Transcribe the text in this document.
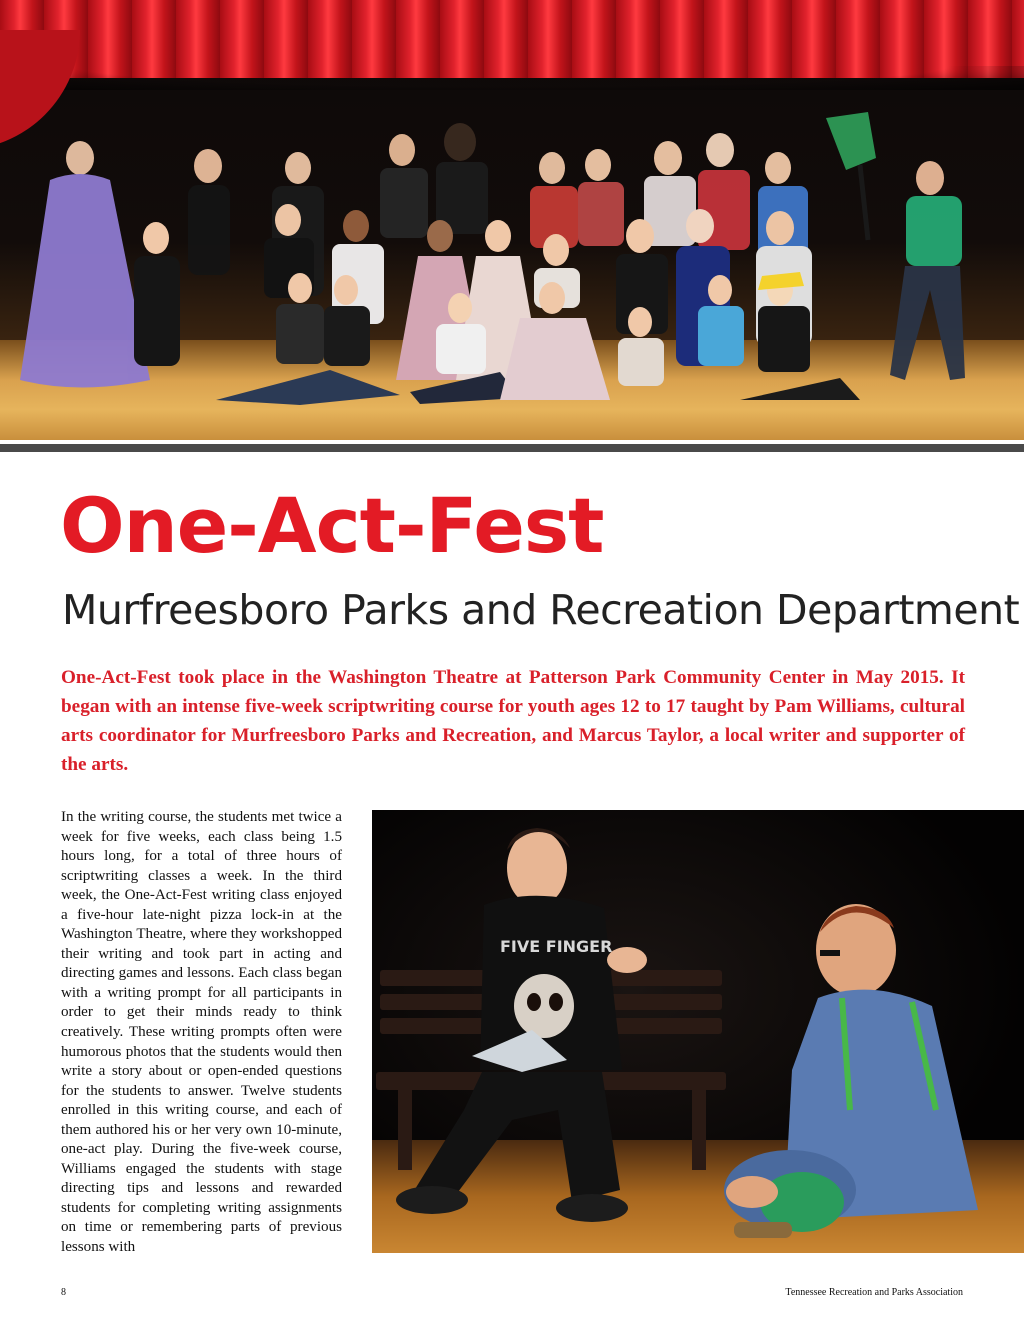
One-Act-Fest
Murfreesboro Parks and Recreation Department

One-Act-Fest took place in the Washington Theatre at Patterson Park Community Center in May 2015. It began with an intense five-week scriptwriting course for youth ages 12 to 17 taught by Pam Williams, cultural arts coordinator for Murfreesboro Parks and Recreation, and Marcus Taylor, a local writer and supporter of the arts.

In the writing course, the students met twice a week for five weeks, each class being 1.5 hours long, for a total of three hours of scriptwriting classes a week. In the third week, the One-Act-Fest writing class enjoyed a five-hour late-night pizza lock-in at the Washington Theatre, where they workshopped their writing and took part in acting and directing games and lessons. Each class began with a writing prompt for all participants in order to get their minds ready to think creatively. These writing prompts often were humorous photos that the students would then write a story about or open-ended questions for the students to answer. Twelve students enrolled in this writing course, and each of them authored his or her very own 10-minute, one-act play. During the five-week course, Williams engaged the students with stage directing tips and lessons and rewarded students for completing writing assignments on time or remembering parts of previous lessons with

FIVE FINGER
8	Tennessee Recreation and Parks Association
